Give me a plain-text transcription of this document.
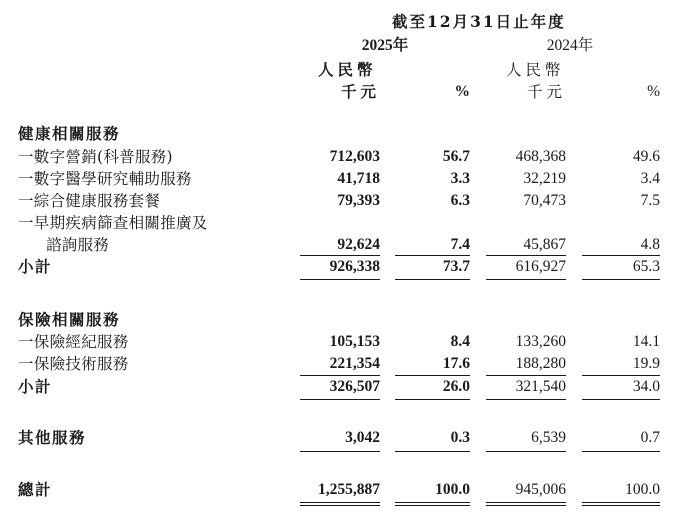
截至12月31日止年度
2025年	2024年
人民幣	人民幣
千元	%	千元	%
健康相關服務
一數字營銷(科普服務)	712,603	56.7	468,368	49.6
一數字醫學研究輔助服務	41,718	3.3	32,219	3.4
一綜合健康服務套餐	79,393	6.3	70,473	7.5
一早期疾病篩查相關推廣及
諮詢服務	92,624	7.4	45,867	4.8
小計	926,338	73.7	616,927	65.3
保險相關服務
一保險經紀服務	105,153	8.4	133,260	14.1
一保險技術服務	221,354	17.6	188,280	19.9
小計	326,507	26.0	321,540	34.0
其他服務	3,042	0.3	6,539	0.7
總計	1,255,887	100.0	945,006	100.0
